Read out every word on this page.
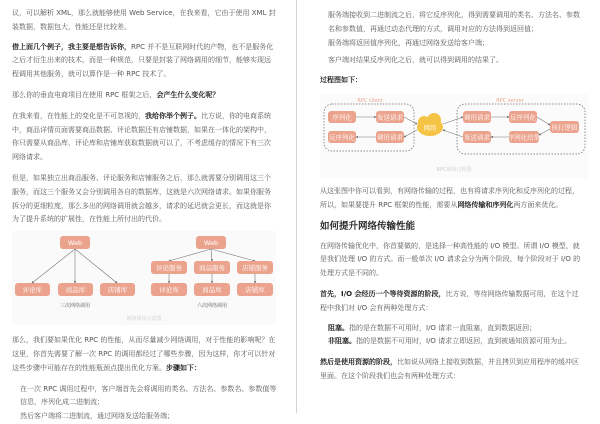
议，可以解析 XML，那么就能够使用 Web Service，在我来看，它由于使用 XML 封装数据，数据包大，性能还是比较差。
借上面几个例子，我主要是想告诉你，RPC 并不是互联网时代的产物，也不是服务化之后才衍生出来的技术，而是一种规范，只要是封装了网络调用的细节，能够实现远程调用其他服务，就可以算作是一种 RPC 技术了。
那么你的垂直电商项目在使用 RPC 框架之后，会产生什么变化呢？
在我来看，在性能上的变化是不可忽视的，我给你举个例子。比方说，你的电商系统中，商品详情页面需要商品数据、评论数据还有店铺数据，如果在一体化的架构中，你只需要从商品库，评论库和店铺库获取数据就可以了，不考虑缓存的情况下有三次网络请求。
但是，如果独立出商品服务、评论服务和店铺服务之后，那么就需要分别调用这三个服务，而这三个服务又会分别调用各自的数据库，这就是六次网络请求。如果你服务拆分的更细粒度，那么多出的网络调用就会越多，请求的延迟就会更长，而这就是你为了提升系统的扩展性，在性能上所付出的代价。
Web
评论库	商品库	店铺库
Web
评论服务
评论库
商品服务
商品库
店铺服务
店铺库
三次网络调用	六次网络调用
网络调用示意图
那么，我们要如果优化 RPC 的性能，从而尽量减少网络调用，对于性能的影响呢？在这里，你首先需要了解一次 RPC 的调用都经过了哪些步骤，因为这样，你才可以针对这些步骤中可能存在的性能瓶颈点提出优化方案。步骤如下：
在一次 RPC 调用过程中，客户端首先会将调用的类名、方法名、参数名、参数值等信息，序列化成二进制流；
然后客户端将二进制流，通过网络发送给服务端；
服务端接收到二进制流之后，将它反序列化，得到需要调用的类名、方法名、参数名和参数值，再通过动态代理的方式，调用对应的方法得到返回值；
服务端将返回值序列化，再通过网络发送给客户端；
客户端对结果反序列化之后，就可以得到调用的结果了。
过程图如下：
RPC client
序列化	发送请求
反序列化	调用请求
网络
RPC server
调用请求	反序列化
执行逻辑
发送请求	序列化结果
RPC调用过程图
从这张图中你可以看到，有网络传输的过程，也有将请求序列化和反序列化的过程， 所以，如果要提升 RPC 框架的性能，需要从网络传输和序列化两方面来优化。
如何提升网络传输性能
在网络传输优化中，你首要做的，是选择一种高性能的 I/O 模型。所谓 I/O 模型，就是我们处理 I/O 的方式。而一般单次 I/O 请求会分为两个阶段，每个阶段对于 I/O 的处理方式是不同的。
首先，I/O 会经历一个等待资源的阶段，比方说，等待网络传输数据可用，在这个过程中我们对 I/O 会有两种处理方式：
阻塞。指的是在数据不可用时，I/O 请求一直阻塞，直到数据返回；
非阻塞。指的是数据不可用时，I/O 请求立即返回，直到被通知资源可用为止。
然后是使用资源的阶段，比如说从网络上接收到数据，并且拷贝到应用程序的缓冲区里面。在这个阶段我们也会有两种处理方式：
